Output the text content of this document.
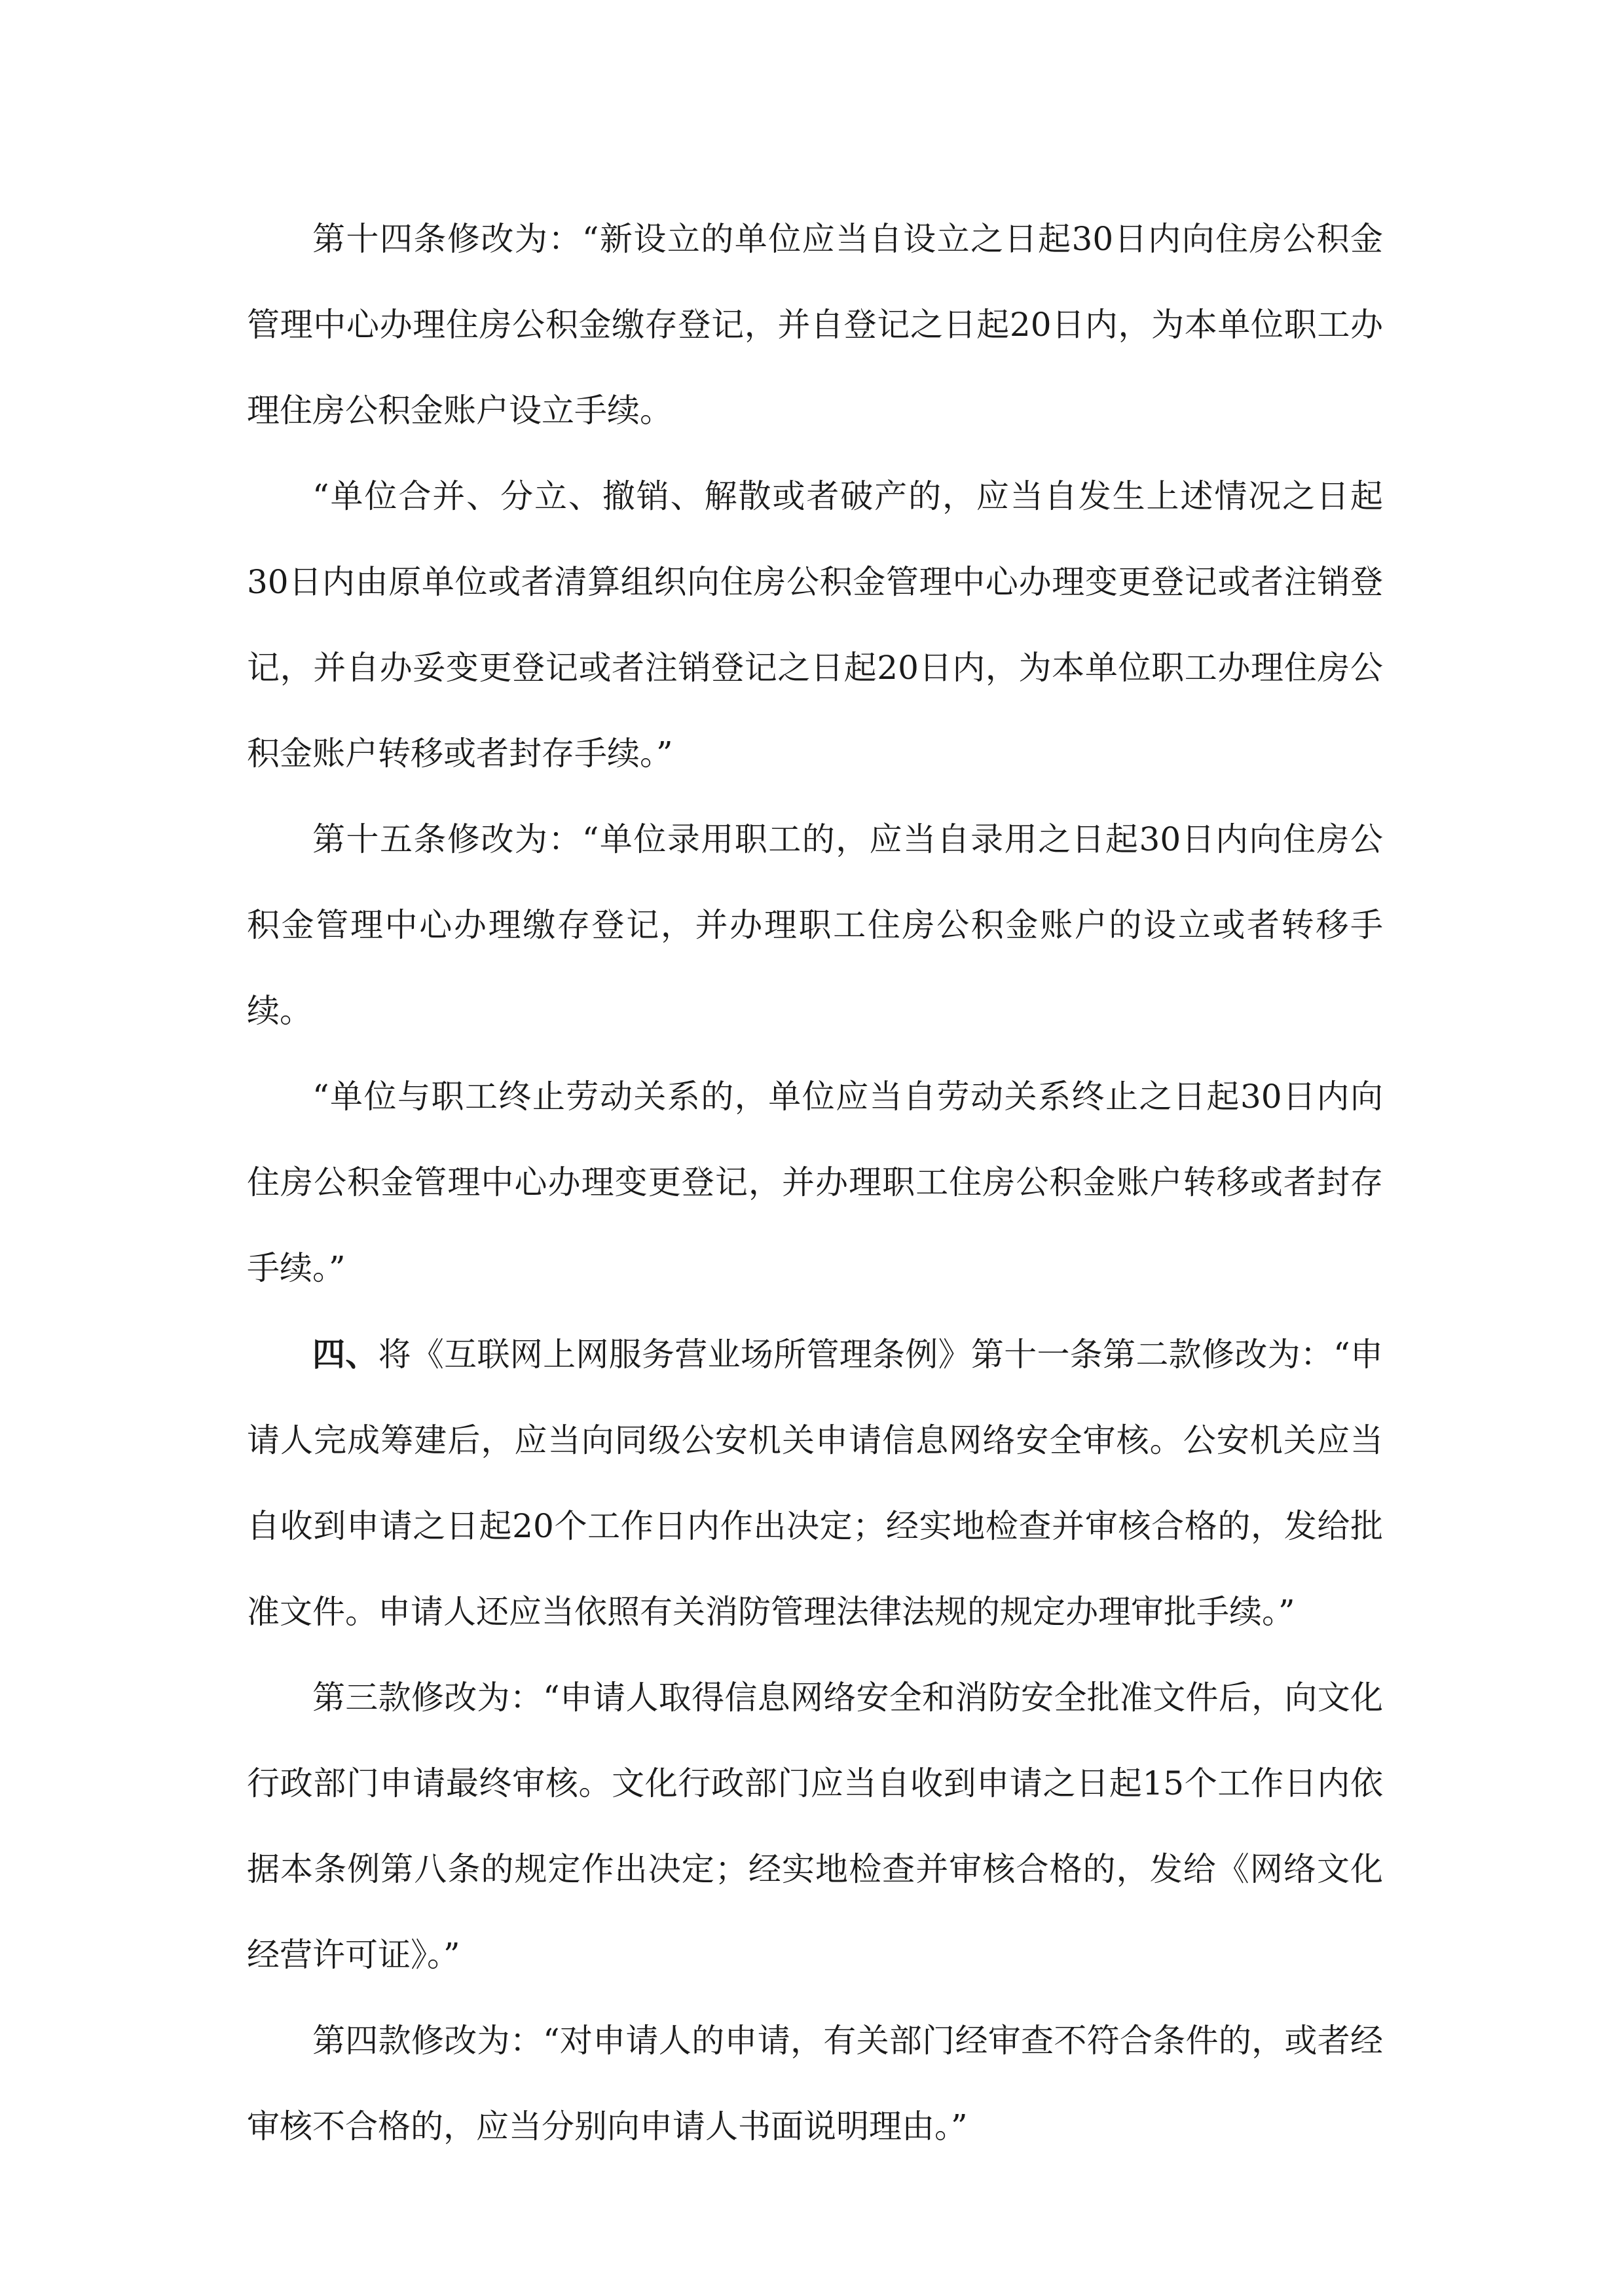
第十四条修改为：“新设立的单位应当自设立之日起30日内向住房公积金管理中心办理住房公积金缴存登记，并自登记之日起20日内，为本单位职工办理住房公积金账户设立手续。

“单位合并、分立、撤销、解散或者破产的，应当自发生上述情况之日起30日内由原单位或者清算组织向住房公积金管理中心办理变更登记或者注销登记，并自办妥变更登记或者注销登记之日起20日内，为本单位职工办理住房公积金账户转移或者封存手续。”

第十五条修改为：“单位录用职工的，应当自录用之日起30日内向住房公积金管理中心办理缴存登记，并办理职工住房公积金账户的设立或者转移手续。

“单位与职工终止劳动关系的，单位应当自劳动关系终止之日起30日内向住房公积金管理中心办理变更登记，并办理职工住房公积金账户转移或者封存手续。”

四、将《互联网上网服务营业场所管理条例》第十一条第二款修改为：“申请人完成筹建后，应当向同级公安机关申请信息网络安全审核。公安机关应当自收到申请之日起20个工作日内作出决定；经实地检查并审核合格的，发给批准文件。申请人还应当依照有关消防管理法律法规的规定办理审批手续。”

第三款修改为：“申请人取得信息网络安全和消防安全批准文件后，向文化行政部门申请最终审核。文化行政部门应当自收到申请之日起15个工作日内依据本条例第八条的规定作出决定；经实地检查并审核合格的，发给《网络文化经营许可证》。”

第四款修改为：“对申请人的申请，有关部门经审查不符合条件的，或者经审核不合格的，应当分别向申请人书面说明理由。”
